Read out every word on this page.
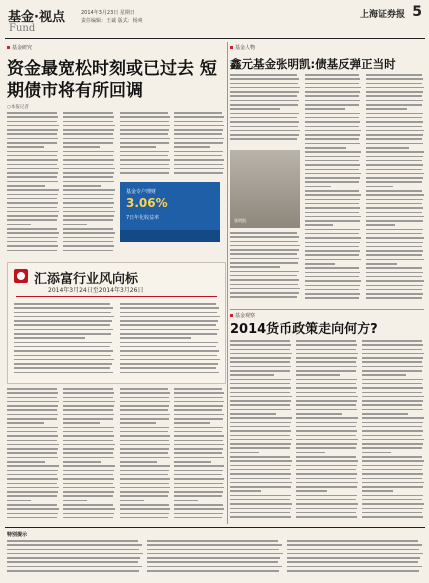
基金·视点
Fund
2014年3月23日 星期日
责任编辑：王诚 版式：杨爽
上海证券报 5
基金研究
资金最宽松时刻或已过去 短期债市将有所回调
○本报记者
基金专户理财
3.06%
7日年化收益率
汇添富行业风向标
2014年3月24日至2014年3月26日
基金人物
鑫元基金张明凯:债基反弹正当时
张明凯
基金观察
2014货币政策走向何方?
特别提示
